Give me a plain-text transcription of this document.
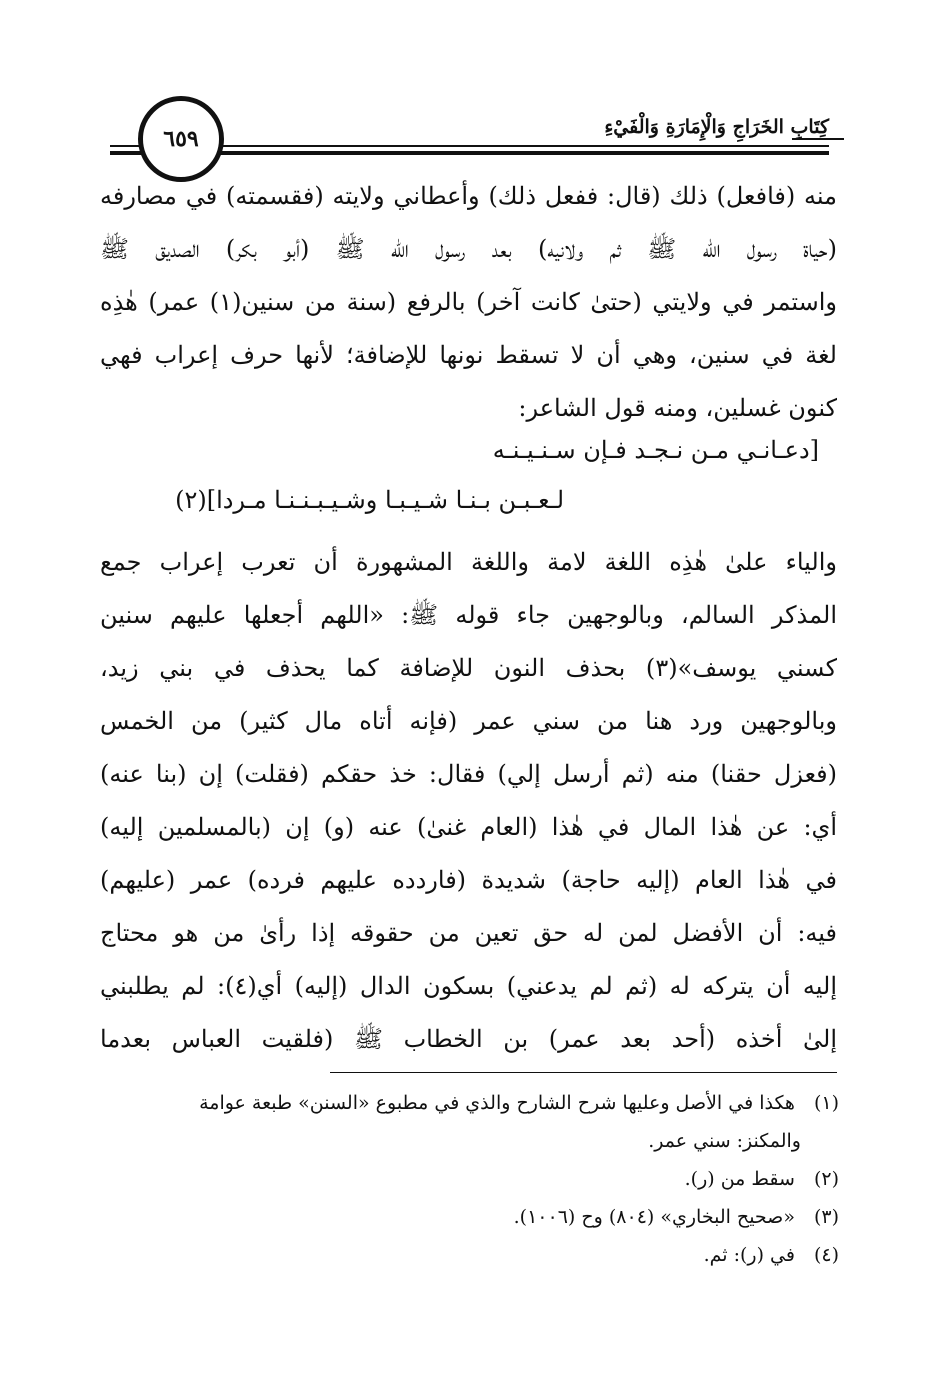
كِتَابِ الخَرَاجِ وَالْإِمَارَةِ وَالْفَيْءِ
٦٥٩
منه (فافعل) ذلك (قال: ففعل ذلك) وأعطاني ولايته (فقسمته) في مصارفه
(حياة رسول الله ﷺ ثم ولانيه) بعد رسول الله ﷺ (أبو بكر) الصديق ﷺ
واستمر في ولايتي (حتىٰ كانت آخر) بالرفع (سنة من سنين(١) عمر) هٰذِه
لغة في سنين، وهي أن لا تسقط نونها للإضافة؛ لأنها حرف إعراب فهي
كنون غسلين، ومنه قول الشاعر:
[دعـانـي مـن نـجـد فـإن سـنـيـنـه
لـعـبـن بـنـا شـيـبـا وشـيـبـنـنـا مـردا](٢)
والياء علىٰ هٰذِه اللغة لامة واللغة المشهورة أن تعرب إعراب جمع
المذكر السالم، وبالوجهين جاء قوله ﷺ: «اللهم أجعلها عليهم سنين
كسني يوسف»(٣) بحذف النون للإضافة كما يحذف في بني زيد،
وبالوجهين ورد هنا من سني عمر (فإنه أتاه مال كثير) من الخمس
(فعزل حقنا) منه (ثم أرسل إلي) فقال: خذ حقكم (فقلت) إن (بنا عنه)
أي: عن هٰذا المال في هٰذا (العام غنىٰ) عنه (و) إن (بالمسلمين إليه)
في هٰذا العام (إليه حاجة) شديدة (فاردده عليهم فرده) عمر (عليهم)
فيه: أن الأفضل لمن له حق تعين من حقوقه إذا رأىٰ من هو محتاج
إليه أن يتركه له (ثم لم يدعني) بسكون الدال (إليه) أي(٤): لم يطلبني
إلىٰ أخذه (أحد بعد عمر) بن الخطاب ﷺ (فلقيت العباس بعدما
(١) هكذا في الأصل وعليها شرح الشارح والذي في مطبوع «السنن» طبعة عوامة
والمكنز: سني عمر.
(٢) سقط من (ر).
(٣) «صحيح البخاري» (٨٠٤) وح (١٠٠٦).
(٤) في (ر): ثم.
